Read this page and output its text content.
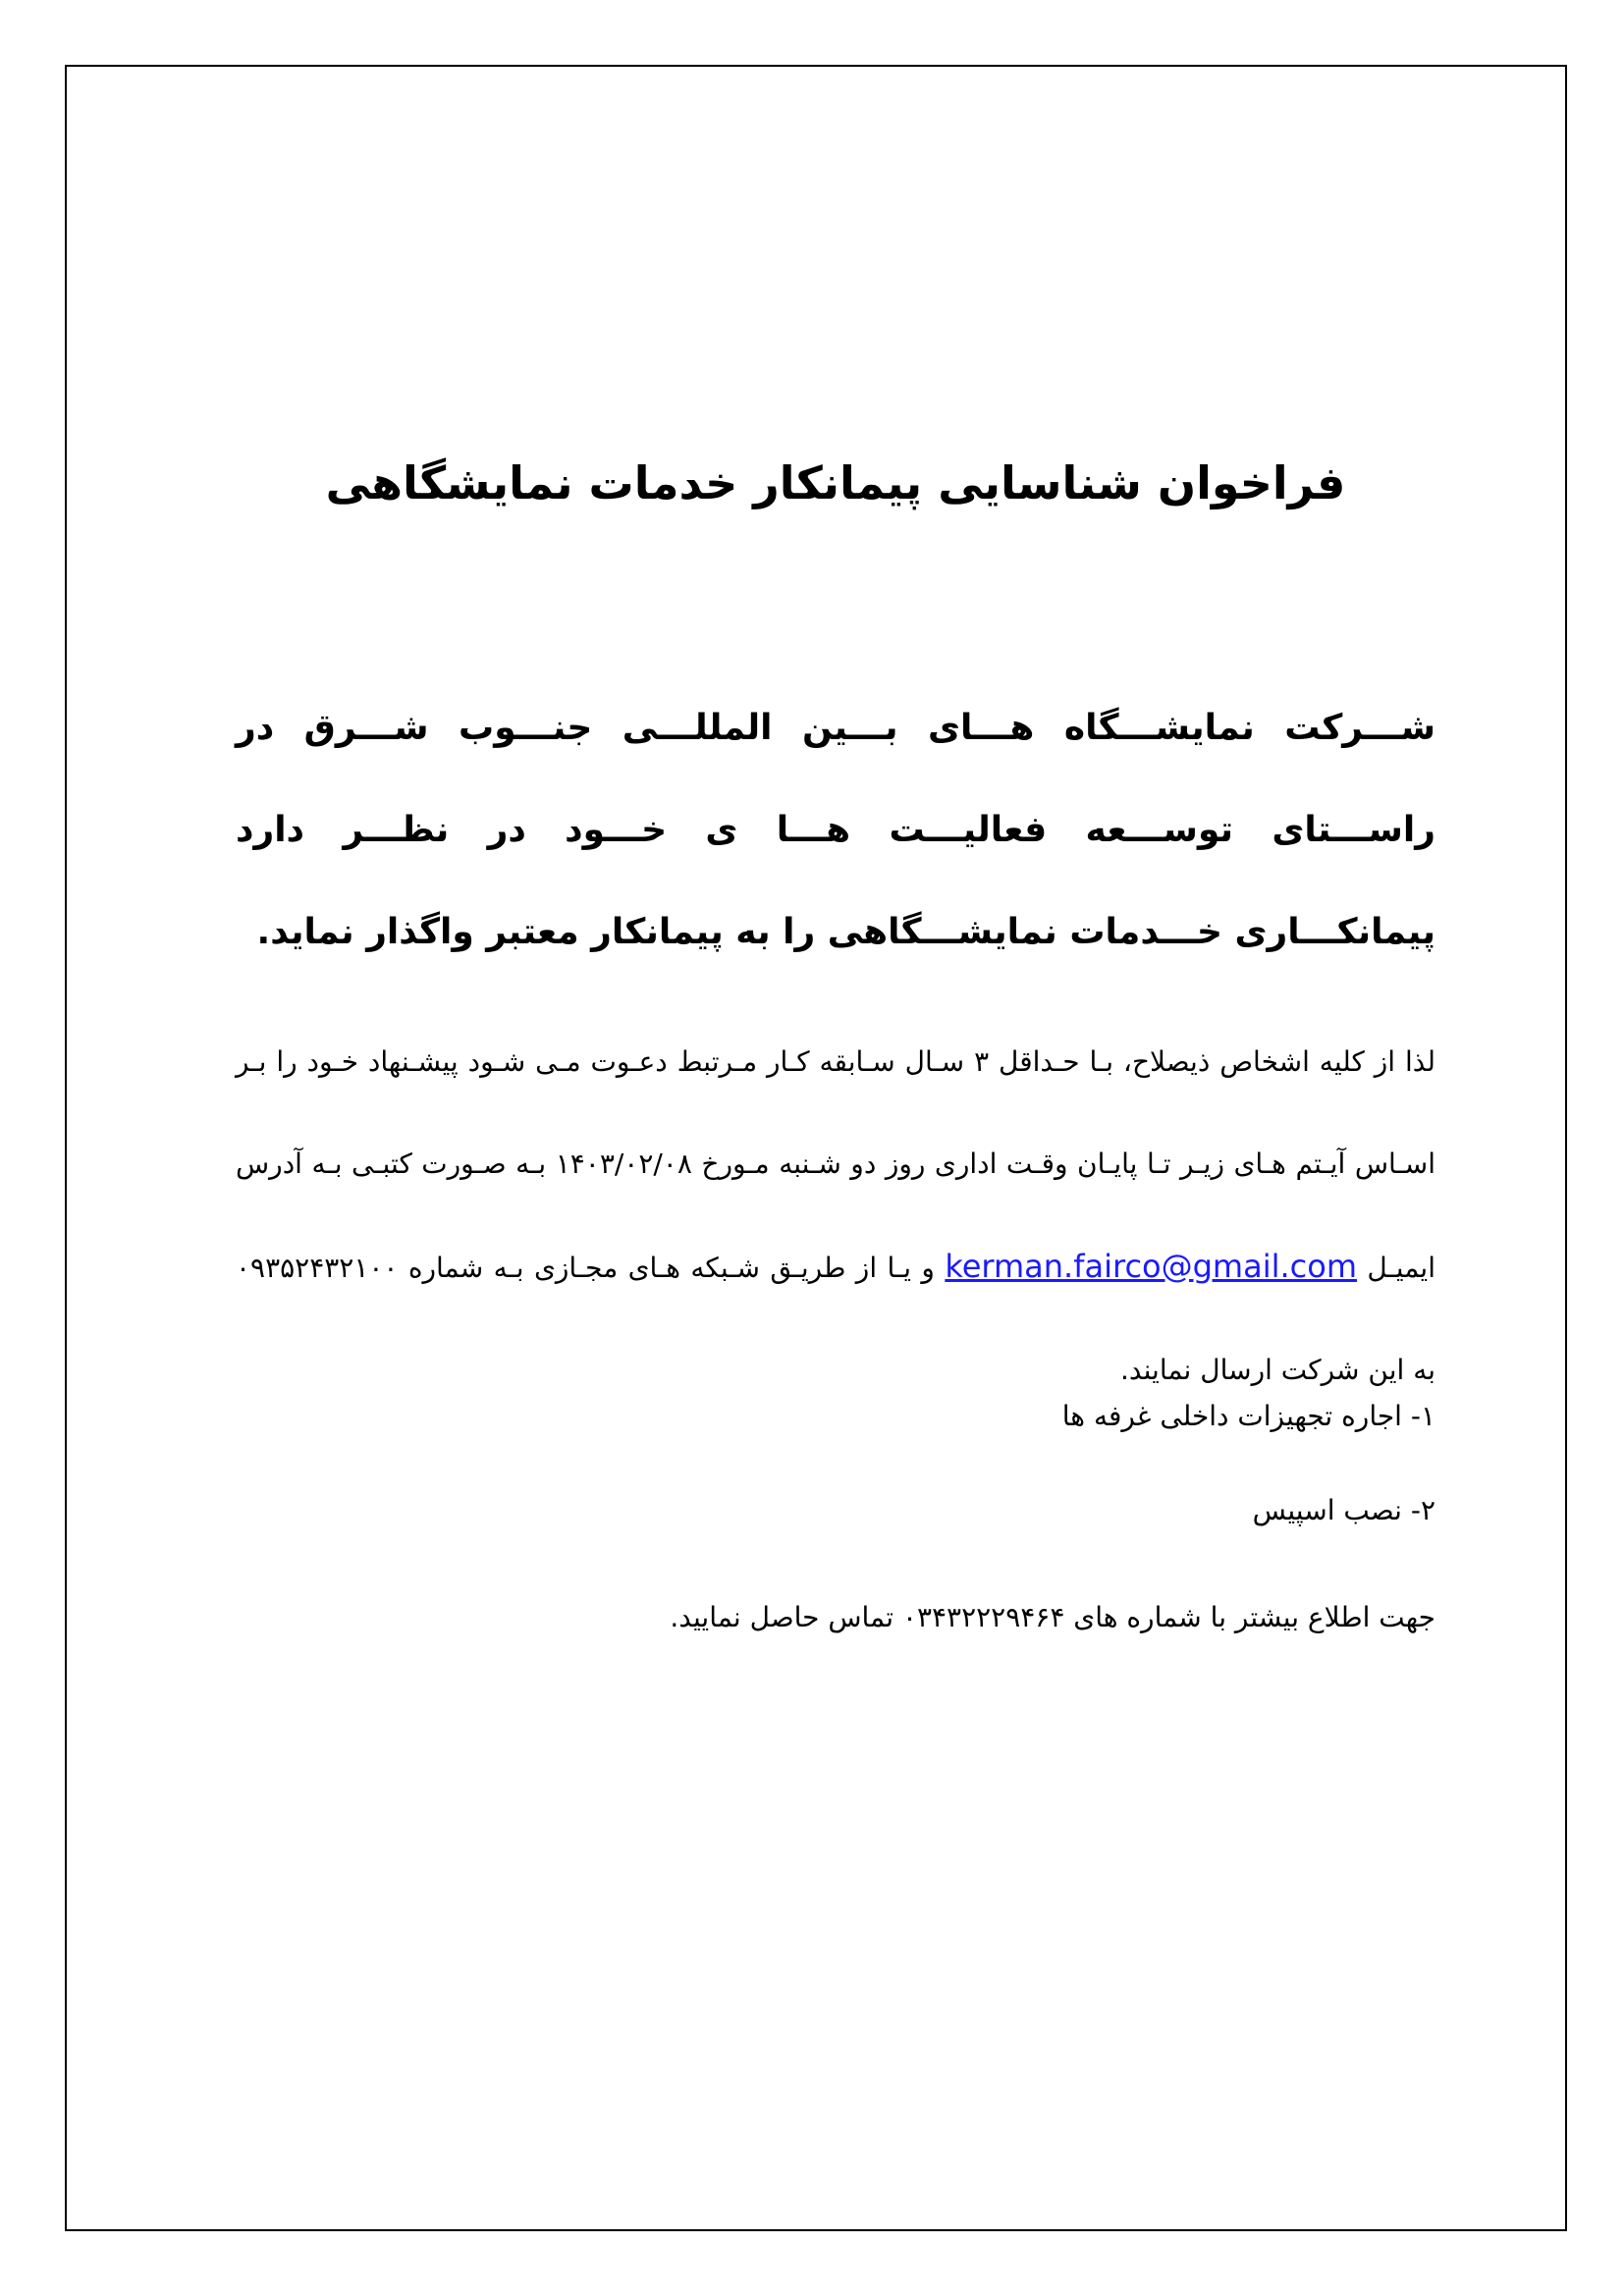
فراخوان شناسایی پیمانکار خدمات نمایشگاهی

شـــرکت نمایشـــگاه هـــای بـــین المللـــی جنـــوب شـــرق در راســـتای توســـعه فعالیـــت هـــا ی خـــود در نظـــر دارد پیمانکـــاری خـــدمات نمایشـــگاهی را به پیمانکار معتبر واگذار نماید.

لذا از کلیه اشخاص ذیصلاح، بـا حـداقل ۳ سـال سـابقه کـار مـرتبط دعـوت مـی شـود پیشـنهاد خـود را بـر اسـاس آیـتم هـای زیـر تـا پایـان وقـت اداری روز دو شـنبه مـورخ ۱۴۰۳/۰۲/۰۸ بـه صـورت کتبـی بـه آدرس ایمیـل kerman.fairco@gmail.com و یـا از طریـق شـبکه هـای مجـازی بـه شماره ۰۹۳۵۲۴۳۲۱۰۰ به این شرکت ارسال نمایند.

۱- اجاره تجهیزات داخلی غرفه ها
۲- نصب اسپیس

جهت اطلاع بیشتر با شماره های ۰۳۴۳۲۲۲۹۴۶۴ تماس حاصل نمایید.
